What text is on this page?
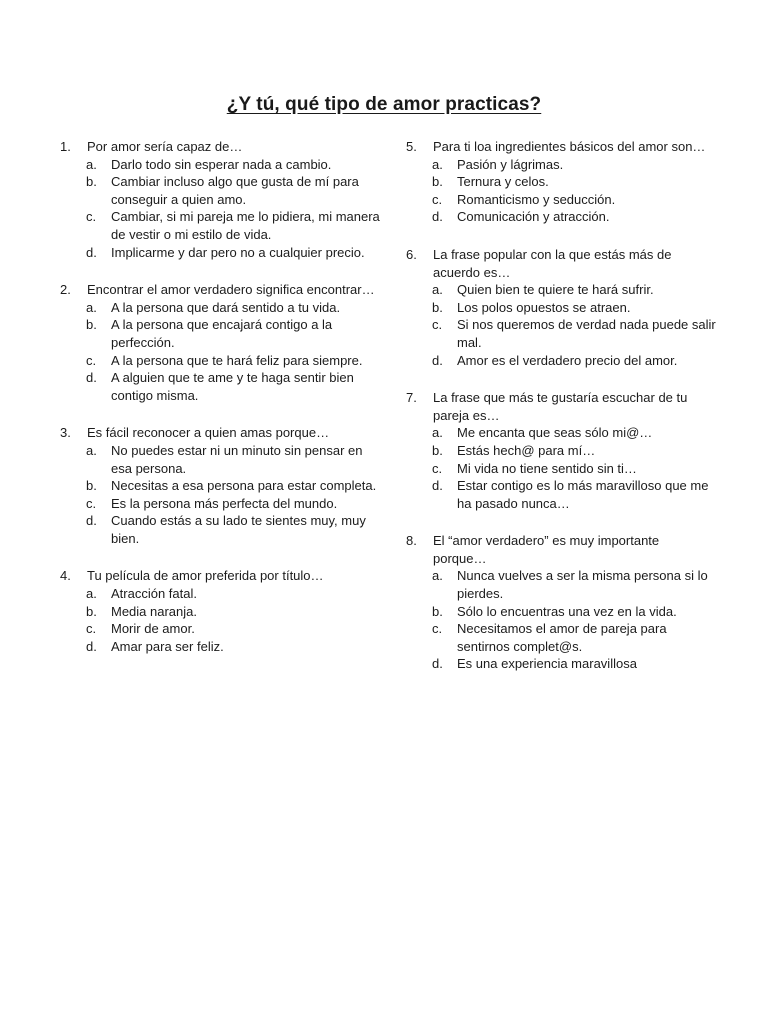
¿Y tú, qué tipo de amor practicas?
1. Por amor sería capaz de…
a. Darlo todo sin esperar nada a cambio.
b. Cambiar incluso algo que gusta de mí para conseguir a quien amo.
c. Cambiar, si mi pareja me lo pidiera, mi manera de vestir o mi estilo de vida.
d. Implicarme y dar pero no a cualquier precio.
2. Encontrar el amor verdadero significa encontrar…
a. A la persona que dará sentido a tu vida.
b. A la persona que encajará contigo a la perfección.
c. A la persona que te hará feliz para siempre.
d. A alguien que te ame y te haga sentir bien contigo misma.
3. Es fácil reconocer a quien amas porque…
a. No puedes estar ni un minuto sin pensar en esa persona.
b. Necesitas a esa persona para estar completa.
c. Es la persona más perfecta del mundo.
d. Cuando estás a su lado te sientes muy, muy bien.
4. Tu película de amor preferida por título…
a. Atracción fatal.
b. Media naranja.
c. Morir de amor.
d. Amar para ser feliz.
5. Para ti loa ingredientes básicos del amor son…
a. Pasión y lágrimas.
b. Ternura y celos.
c. Romanticismo y seducción.
d. Comunicación y atracción.
6. La frase popular con la que estás más de acuerdo es…
a. Quien bien te quiere te hará sufrir.
b. Los polos opuestos se atraen.
c. Si nos queremos de verdad nada puede salir mal.
d. Amor es el verdadero precio del amor.
7. La frase que más te gustaría escuchar de tu pareja es…
a. Me encanta que seas sólo mi@…
b. Estás hech@ para mí…
c. Mi vida no tiene sentido sin ti…
d. Estar contigo es lo más maravilloso que me ha pasado nunca…
8. El “amor verdadero” es muy importante porque…
a. Nunca vuelves a ser la misma persona si lo pierdes.
b. Sólo lo encuentras una vez en la vida.
c. Necesitamos el amor de pareja para sentirnos complet@s.
d. Es una experiencia maravillosa
